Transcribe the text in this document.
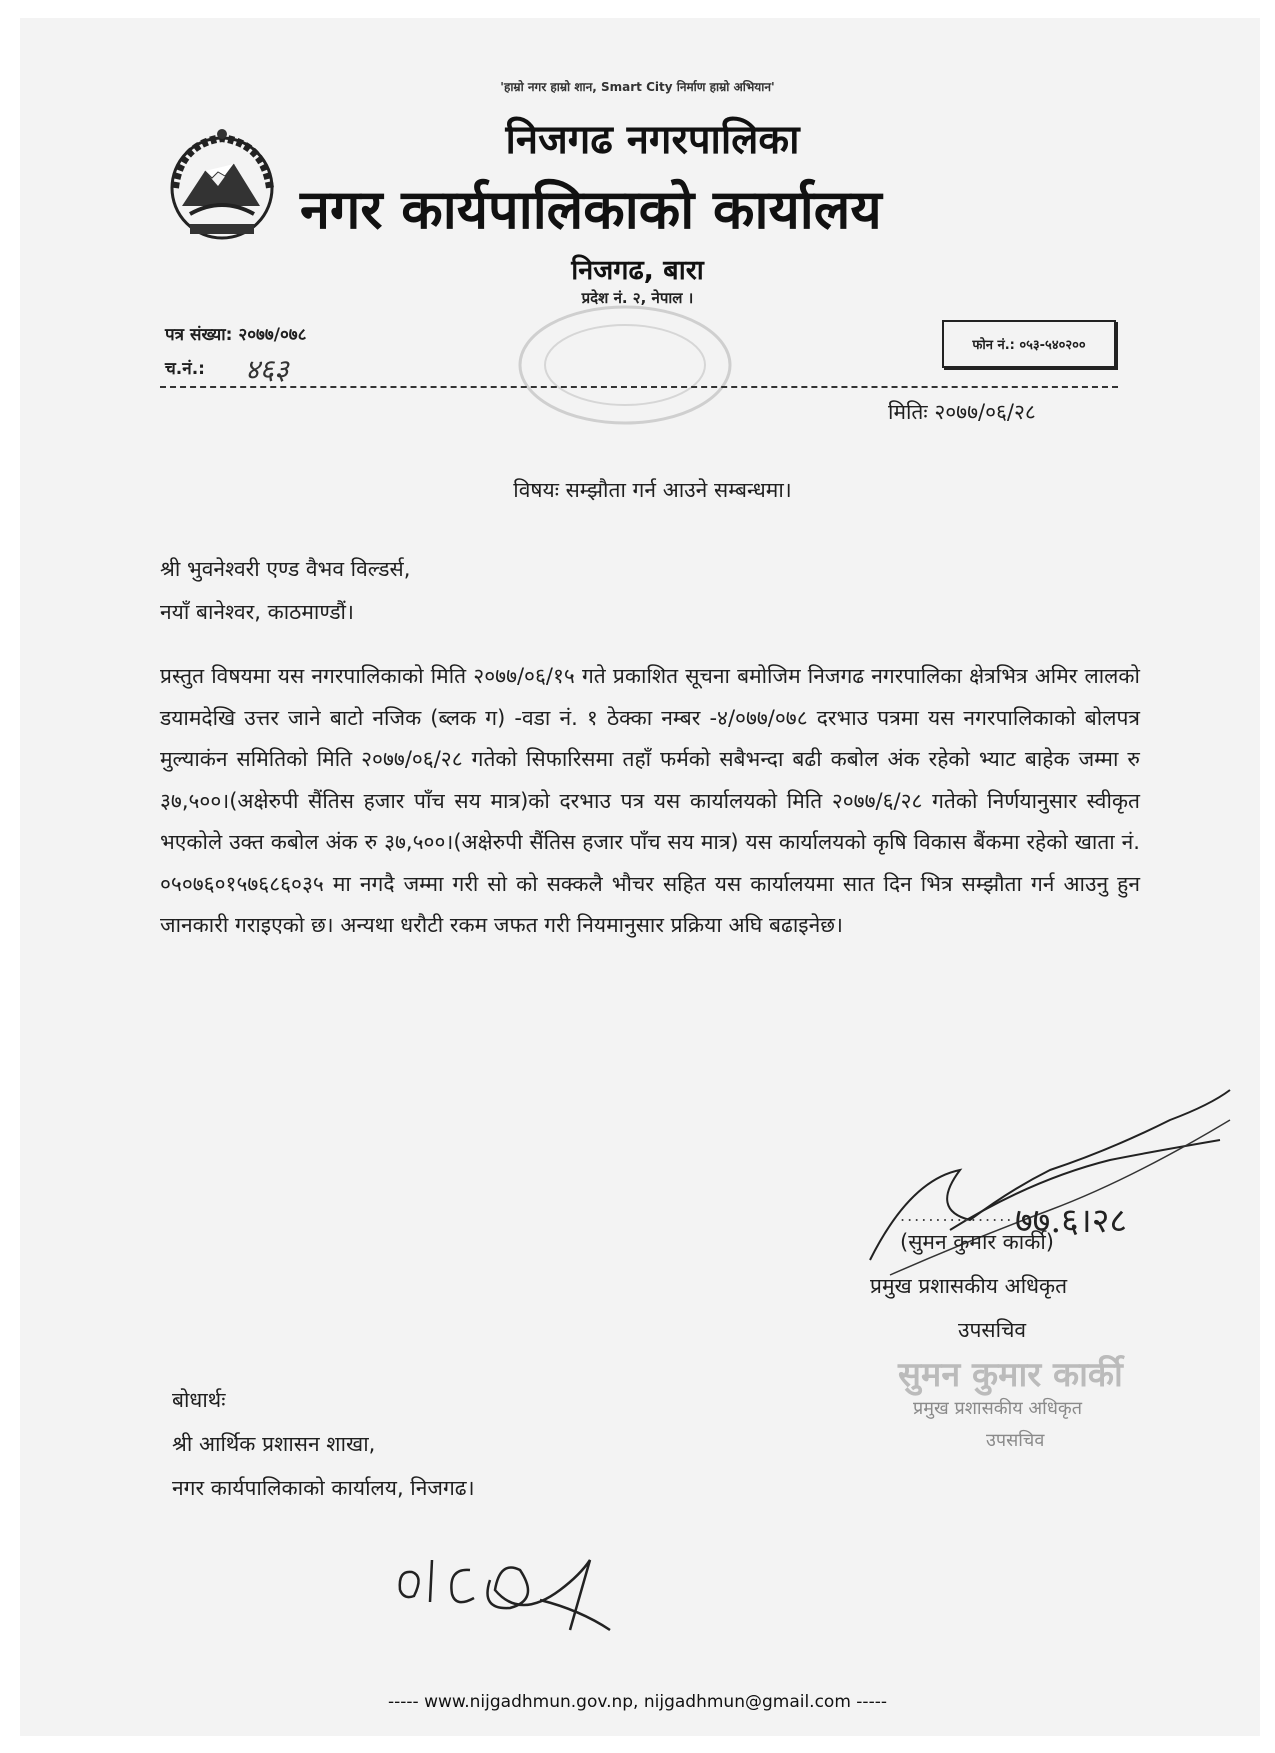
'हाम्रो नगर हाम्रो शान, Smart City निर्माण हाम्रो अभियान'
निजगढ नगरपालिका
नगर कार्यपालिकाको कार्यालय
निजगढ, बारा
प्रदेश नं. २, नेपाल ।
पत्र संख्या: २०७७/०७८
च.नं.: ४६३
फोन नं.: ०५३-५४०२००
मितिः २०७७/०६/२८
विषयः सम्झौता गर्न आउने सम्बन्धमा।
श्री भुवनेश्वरी एण्ड वैभव विल्डर्स,
नयाँ बानेश्वर, काठमाण्डौं।
प्रस्तुत विषयमा यस नगरपालिकाको मिति २०७७/०६/१५ गते प्रकाशित सूचना बमोजिम निजगढ नगरपालिका क्षेत्रभित्र अमिर लालको डयामदेखि उत्तर जाने बाटो नजिक (ब्लक ग) -वडा नं. १ ठेक्का नम्बर -४/०७७/०७८ दरभाउ पत्रमा यस नगरपालिकाको बोलपत्र मुल्याकंन समितिको मिति २०७७/०६/२८ गतेको सिफारिसमा तहाँ फर्मको सबैभन्दा बढी कबोल अंक रहेको भ्याट बाहेक जम्मा रु ३७,५००।(अक्षेरुपी सैंतिस हजार पाँच सय मात्र)को दरभाउ पत्र यस कार्यालयको मिति २०७७/६/२८ गतेको निर्णयानुसार स्वीकृत भएकोले उक्त कबोल अंक रु ३७,५००।(अक्षेरुपी सैंतिस हजार पाँच सय मात्र) यस कार्यालयको कृषि विकास बैंकमा रहेको खाता नं. ०५०७६०१५७६८६०३५ मा नगदै जम्मा गरी सो को सक्कलै भौचर सहित यस कार्यालयमा सात दिन भित्र सम्झौता गर्न आउनु हुन जानकारी गराइएको छ। अन्यथा धरौटी रकम जफत गरी नियमानुसार प्रक्रिया अघि बढाइनेछ।
७७.६।२८
................
(सुमन कुमार कार्की)
प्रमुख प्रशासकीय अधिकृत
उपसचिव
सुमन कुमार कार्की
प्रमुख प्रशासकीय अधिकृत
उपसचिव
बोधार्थः
श्री आर्थिक प्रशासन शाखा,
नगर कार्यपालिकाको कार्यालय, निजगढ।
----- www.nijgadhmun.gov.np, nijgadhmun@gmail.com -----
